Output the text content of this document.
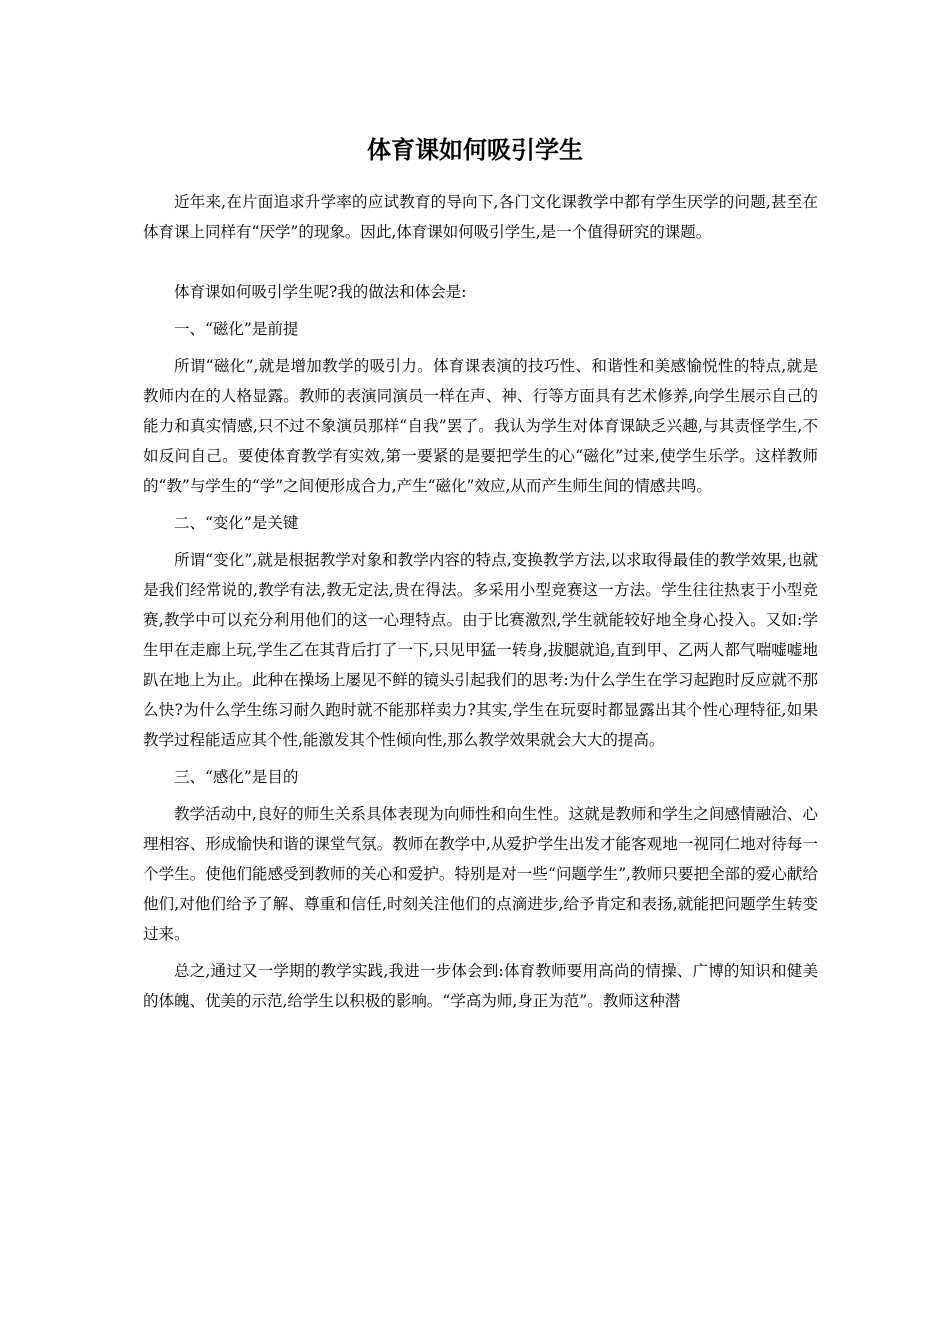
体育课如何吸引学生

近年来,在片面追求升学率的应试教育的导向下,各门文化课教学中都有学生厌学的问题,甚至在体育课上同样有“厌学”的现象。因此,体育课如何吸引学生,是一个值得研究的课题。

体育课如何吸引学生呢?我的做法和体会是:

一、“磁化”是前提

所谓“磁化”,就是增加教学的吸引力。体育课表演的技巧性、和谐性和美感愉悦性的特点,就是教师内在的人格显露。教师的表演同演员一样在声、神、行等方面具有艺术修养,向学生展示自己的能力和真实情感,只不过不象演员那样“自我”罢了。我认为学生对体育课缺乏兴趣,与其责怪学生,不如反问自己。要使体育教学有实效,第一要紧的是要把学生的心“磁化”过来,使学生乐学。这样教师的“教”与学生的“学”之间便形成合力,产生“磁化”效应,从而产生师生间的情感共鸣。

二、“变化”是关键

所谓“变化”,就是根据教学对象和教学内容的特点,变换教学方法,以求取得最佳的教学效果,也就是我们经常说的,教学有法,教无定法,贵在得法。多采用小型竞赛这一方法。学生往往热衷于小型竞赛,教学中可以充分利用他们的这一心理特点。由于比赛激烈,学生就能较好地全身心投入。又如:学生甲在走廊上玩,学生乙在其背后打了一下,只见甲猛一转身,拔腿就追,直到甲、乙两人都气喘嘘嘘地趴在地上为止。此种在操场上屡见不鲜的镜头引起我们的思考:为什么学生在学习起跑时反应就不那么快?为什么学生练习耐久跑时就不能那样卖力?其实,学生在玩耍时都显露出其个性心理特征,如果教学过程能适应其个性,能激发其个性倾向性,那么教学效果就会大大的提高。

三、“感化”是目的

教学活动中,良好的师生关系具体表现为向师性和向生性。这就是教师和学生之间感情融洽、心理相容、形成愉快和谐的课堂气氛。教师在教学中,从爱护学生出发才能客观地一视同仁地对待每一个学生。使他们能感受到教师的关心和爱护。特别是对一些“问题学生”,教师只要把全部的爱心献给他们,对他们给予了解、尊重和信任,时刻关注他们的点滴进步,给予肯定和表扬,就能把问题学生转变过来。

总之,通过又一学期的教学实践,我进一步体会到:体育教师要用高尚的情操、广博的知识和健美的体魄、优美的示范,给学生以积极的影响。“学高为师,身正为范”。教师这种潜
